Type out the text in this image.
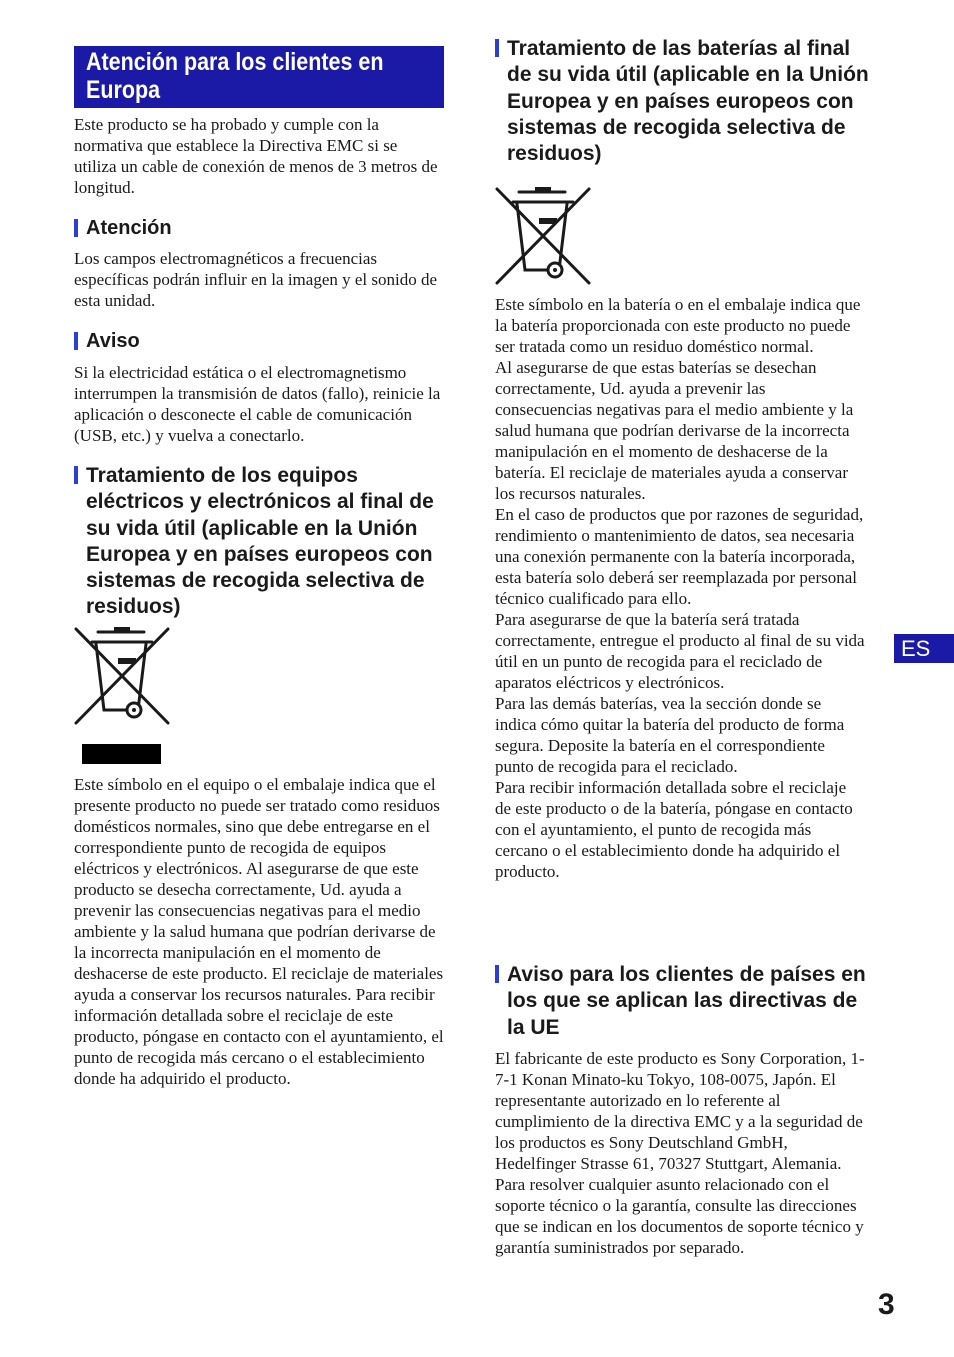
Atención para los clientes en
Europa

Este producto se ha probado y cumple con la normativa que establece la Directiva EMC si se utiliza un cable de conexión de menos de 3 metros de longitud.

Atención

Los campos electromagnéticos a frecuencias específicas podrán influir en la imagen y el sonido de esta unidad.

Aviso

Si la electricidad estática o el electromagnetismo interrumpen la transmisión de datos (fallo), reinicie la aplicación o desconecte el cable de comunicación (USB, etc.) y vuelva a conectarlo.

Tratamiento de los equipos eléctricos y electrónicos al final de su vida útil (aplicable en la Unión Europea y en países europeos con sistemas de recogida selectiva de residuos)

Este símbolo en el equipo o el embalaje indica que el presente producto no puede ser tratado como residuos domésticos normales, sino que debe entregarse en el correspondiente punto de recogida de equipos eléctricos y electrónicos. Al asegurarse de que este producto se desecha correctamente, Ud. ayuda a prevenir las consecuencias negativas para el medio ambiente y la salud humana que podrían derivarse de la incorrecta manipulación en el momento de deshacerse de este producto. El reciclaje de materiales ayuda a conservar los recursos naturales. Para recibir información detallada sobre el reciclaje de este producto, póngase en contacto con el ayuntamiento, el punto de recogida más cercano o el establecimiento donde ha adquirido el producto.

Tratamiento de las baterías al final de su vida útil (aplicable en la Unión Europea y en países europeos con sistemas de recogida selectiva de residuos)

Este símbolo en la batería o en el embalaje indica que la batería proporcionada con este producto no puede ser tratada como un residuo doméstico normal.

Al asegurarse de que estas baterías se desechan correctamente, Ud. ayuda a prevenir las consecuencias negativas para el medio ambiente y la salud humana que podrían derivarse de la incorrecta manipulación en el momento de deshacerse de la batería. El reciclaje de materiales ayuda a conservar los recursos naturales.

En el caso de productos que por razones de seguridad, rendimiento o mantenimiento de datos, sea necesaria una conexión permanente con la batería incorporada, esta batería solo deberá ser reemplazada por personal técnico cualificado para ello.

Para asegurarse de que la batería será tratada correctamente, entregue el producto al final de su vida útil en un punto de recogida para el reciclado de aparatos eléctricos y electrónicos.

Para las demás baterías, vea la sección donde se indica cómo quitar la batería del producto de forma segura. Deposite la batería en el correspondiente punto de recogida para el reciclado.

Para recibir información detallada sobre el reciclaje de este producto o de la batería, póngase en contacto con el ayuntamiento, el punto de recogida más cercano o el establecimiento donde ha adquirido el producto.

Aviso para los clientes de países en los que se aplican las directivas de la UE

El fabricante de este producto es Sony Corporation, 1-7-1 Konan Minato-ku Tokyo, 108-0075, Japón. El representante autorizado en lo referente al cumplimiento de la directiva EMC y a la seguridad de los productos es Sony Deutschland GmbH, Hedelfinger Strasse 61, 70327 Stuttgart, Alemania. Para resolver cualquier asunto relacionado con el soporte técnico o la garantía, consulte las direcciones que se indican en los documentos de soporte técnico y garantía suministrados por separado.

ES
3
